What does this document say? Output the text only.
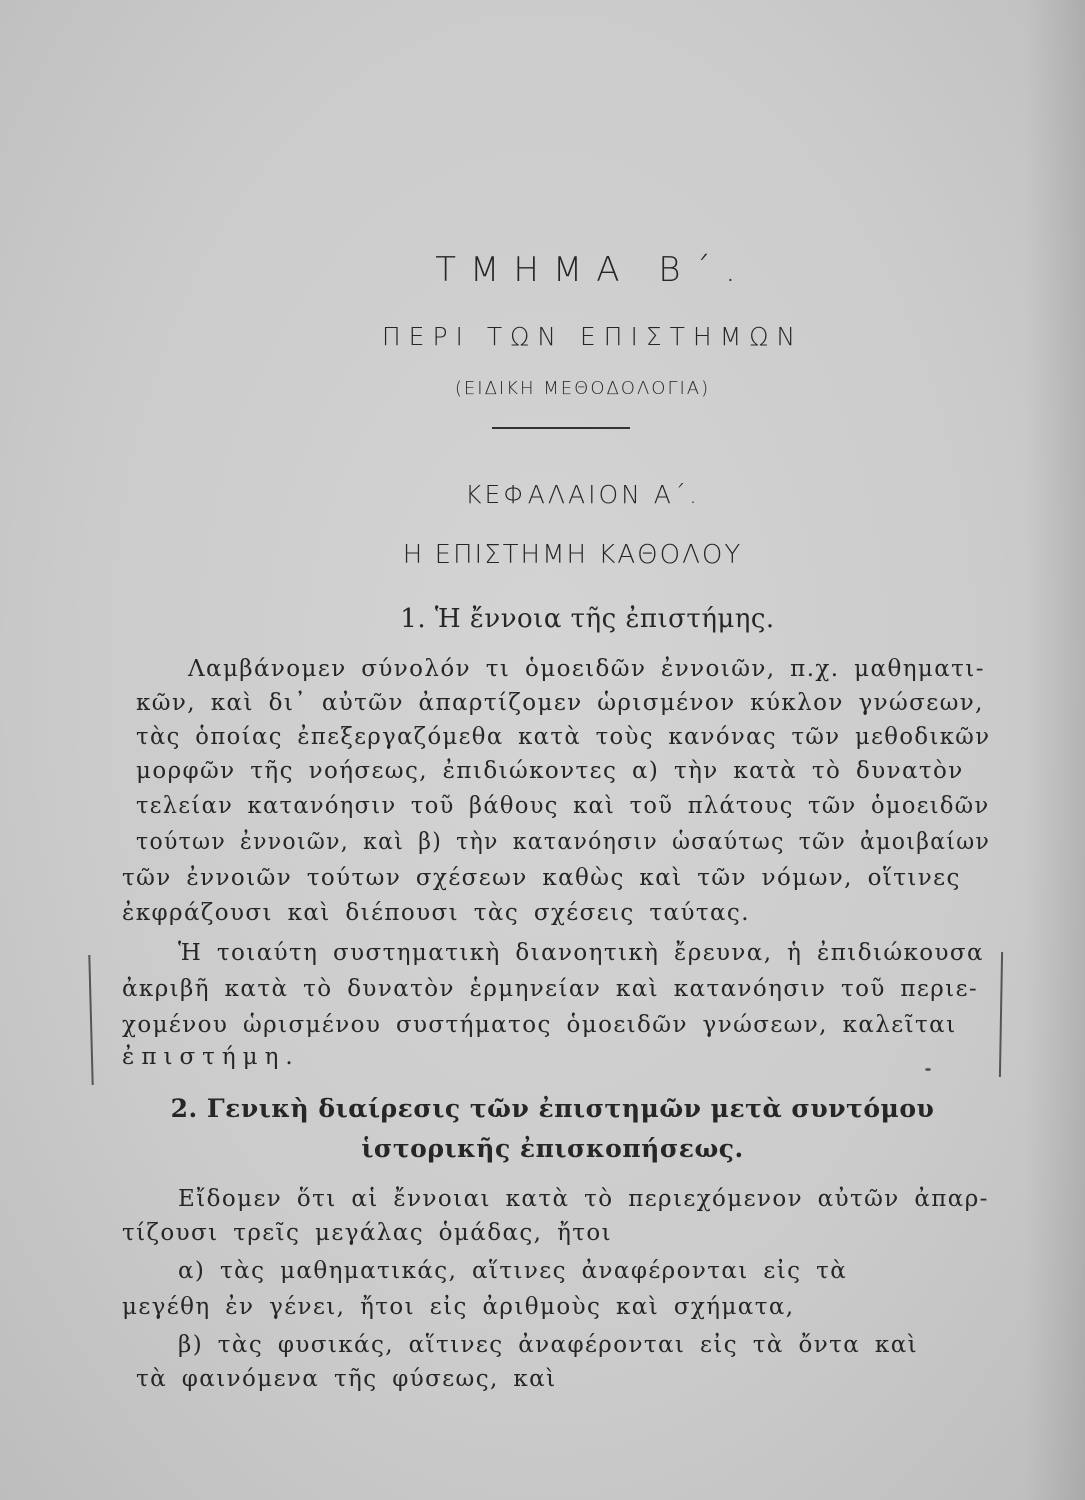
ΤΜΗΜΑ Β΄.
ΠΕΡΙ ΤΩΝ ΕΠΙΣΤΗΜΩΝ
(ΕΙΔΙΚΗ ΜΕΘΟΔΟΛΟΓΙΑ)
ΚΕΦΑΛΑΙΟΝ Α΄.
Η ΕΠΙΣΤΗΜΗ ΚΑΘΟΛΟΥ
1. Ἡ ἔννοια τῆς ἐπιστήμης.
Λαμβάνομεν σύνολόν τι ὁμοειδῶν ἐννοιῶν, π.χ. μαθηματι-
κῶν, καὶ δι᾽ αὐτῶν ἀπαρτίζομεν ὡρισμένον κύκλον γνώσεων,
τὰς ὁποίας ἐπεξεργαζόμεθα κατὰ τοὺς κανόνας τῶν μεθοδικῶν
μορφῶν τῆς νοήσεως, ἐπιδιώκοντες α) τὴν κατὰ τὸ δυνατὸν
τελείαν κατανόησιν τοῦ βάθους καὶ τοῦ πλάτους τῶν ὁμοειδῶν
τούτων ἐννοιῶν, καὶ β) τὴν κατανόησιν ὡσαύτως τῶν ἀμοιβαίων
τῶν ἐννοιῶν τούτων σχέσεων καθὼς καὶ τῶν νόμων, οἵτινες
ἐκφράζουσι καὶ διέπουσι τὰς σχέσεις ταύτας.
Ἡ τοιαύτη συστηματικὴ διανοητικὴ ἔρευνα, ἡ ἐπιδιώκουσα
ἀκριβῆ κατὰ τὸ δυνατὸν ἑρμηνείαν καὶ κατανόησιν τοῦ περιε-
χομένου ὡρισμένου συστήματος ὁμοειδῶν γνώσεων, καλεῖται
ἐπιστήμη.
2. Γενικὴ διαίρεσις τῶν ἐπιστημῶν μετὰ συντόμου
ἱστορικῆς ἐπισκοπήσεως.
Εἴδομεν ὅτι αἱ ἔννοιαι κατὰ τὸ περιεχόμενον αὐτῶν ἀπαρ-
τίζουσι τρεῖς μεγάλας ὁμάδας, ἤτοι
α) τὰς μαθηματικάς, αἵτινες ἀναφέρονται εἰς τὰ
μεγέθη ἐν γένει, ἤτοι εἰς ἀριθμοὺς καὶ σχήματα,
β) τὰς φυσικάς, αἵτινες ἀναφέρονται εἰς τὰ ὄντα καὶ
τὰ φαινόμενα τῆς φύσεως, καὶ
